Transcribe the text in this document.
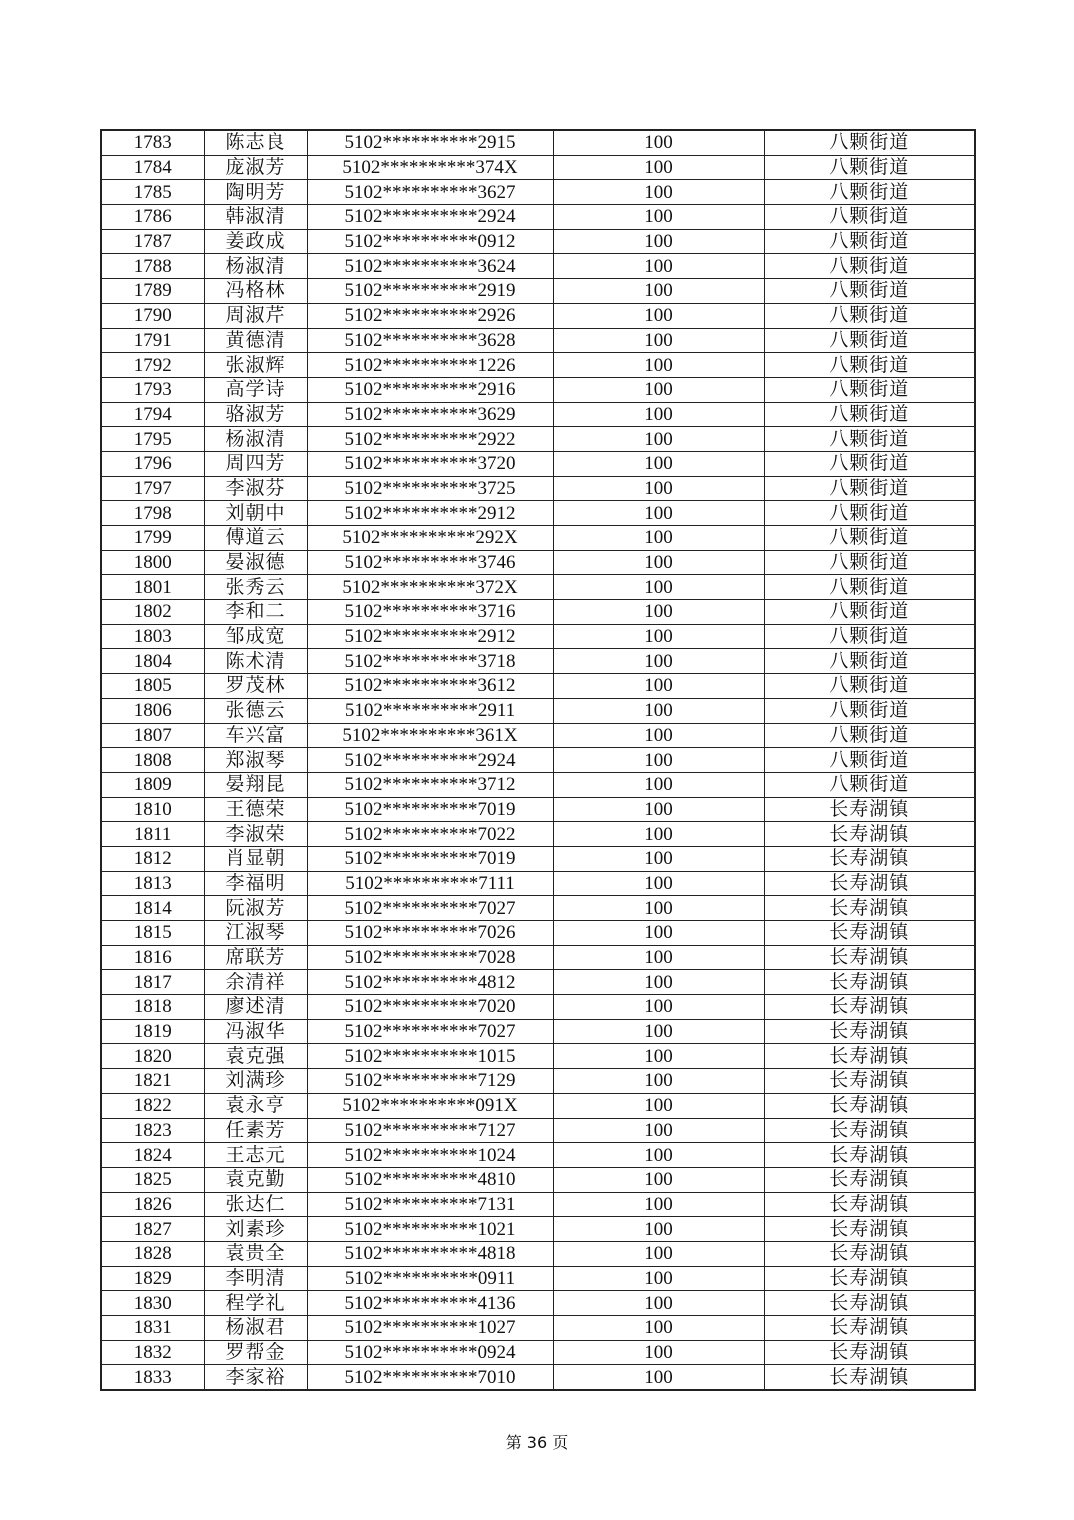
1783	陈志良	5102**********2915	100	八颗街道
1784	庞淑芳	5102**********374X	100	八颗街道
1785	陶明芳	5102**********3627	100	八颗街道
1786	韩淑清	5102**********2924	100	八颗街道
1787	姜政成	5102**********0912	100	八颗街道
1788	杨淑清	5102**********3624	100	八颗街道
1789	冯格林	5102**********2919	100	八颗街道
1790	周淑芹	5102**********2926	100	八颗街道
1791	黄德清	5102**********3628	100	八颗街道
1792	张淑辉	5102**********1226	100	八颗街道
1793	高学诗	5102**********2916	100	八颗街道
1794	骆淑芳	5102**********3629	100	八颗街道
1795	杨淑清	5102**********2922	100	八颗街道
1796	周四芳	5102**********3720	100	八颗街道
1797	李淑芬	5102**********3725	100	八颗街道
1798	刘朝中	5102**********2912	100	八颗街道
1799	傅道云	5102**********292X	100	八颗街道
1800	晏淑德	5102**********3746	100	八颗街道
1801	张秀云	5102**********372X	100	八颗街道
1802	李和二	5102**********3716	100	八颗街道
1803	邹成宽	5102**********2912	100	八颗街道
1804	陈术清	5102**********3718	100	八颗街道
1805	罗茂林	5102**********3612	100	八颗街道
1806	张德云	5102**********2911	100	八颗街道
1807	车兴富	5102**********361X	100	八颗街道
1808	郑淑琴	5102**********2924	100	八颗街道
1809	晏翔昆	5102**********3712	100	八颗街道
1810	王德荣	5102**********7019	100	长寿湖镇
1811	李淑荣	5102**********7022	100	长寿湖镇
1812	肖显朝	5102**********7019	100	长寿湖镇
1813	李福明	5102**********7111	100	长寿湖镇
1814	阮淑芳	5102**********7027	100	长寿湖镇
1815	江淑琴	5102**********7026	100	长寿湖镇
1816	席联芳	5102**********7028	100	长寿湖镇
1817	余清祥	5102**********4812	100	长寿湖镇
1818	廖述清	5102**********7020	100	长寿湖镇
1819	冯淑华	5102**********7027	100	长寿湖镇
1820	袁克强	5102**********1015	100	长寿湖镇
1821	刘满珍	5102**********7129	100	长寿湖镇
1822	袁永亨	5102**********091X	100	长寿湖镇
1823	任素芳	5102**********7127	100	长寿湖镇
1824	王志元	5102**********1024	100	长寿湖镇
1825	袁克勤	5102**********4810	100	长寿湖镇
1826	张达仁	5102**********7131	100	长寿湖镇
1827	刘素珍	5102**********1021	100	长寿湖镇
1828	袁贵全	5102**********4818	100	长寿湖镇
1829	李明清	5102**********0911	100	长寿湖镇
1830	程学礼	5102**********4136	100	长寿湖镇
1831	杨淑君	5102**********1027	100	长寿湖镇
1832	罗帮金	5102**********0924	100	长寿湖镇
1833	李家裕	5102**********7010	100	长寿湖镇
第 36 页
